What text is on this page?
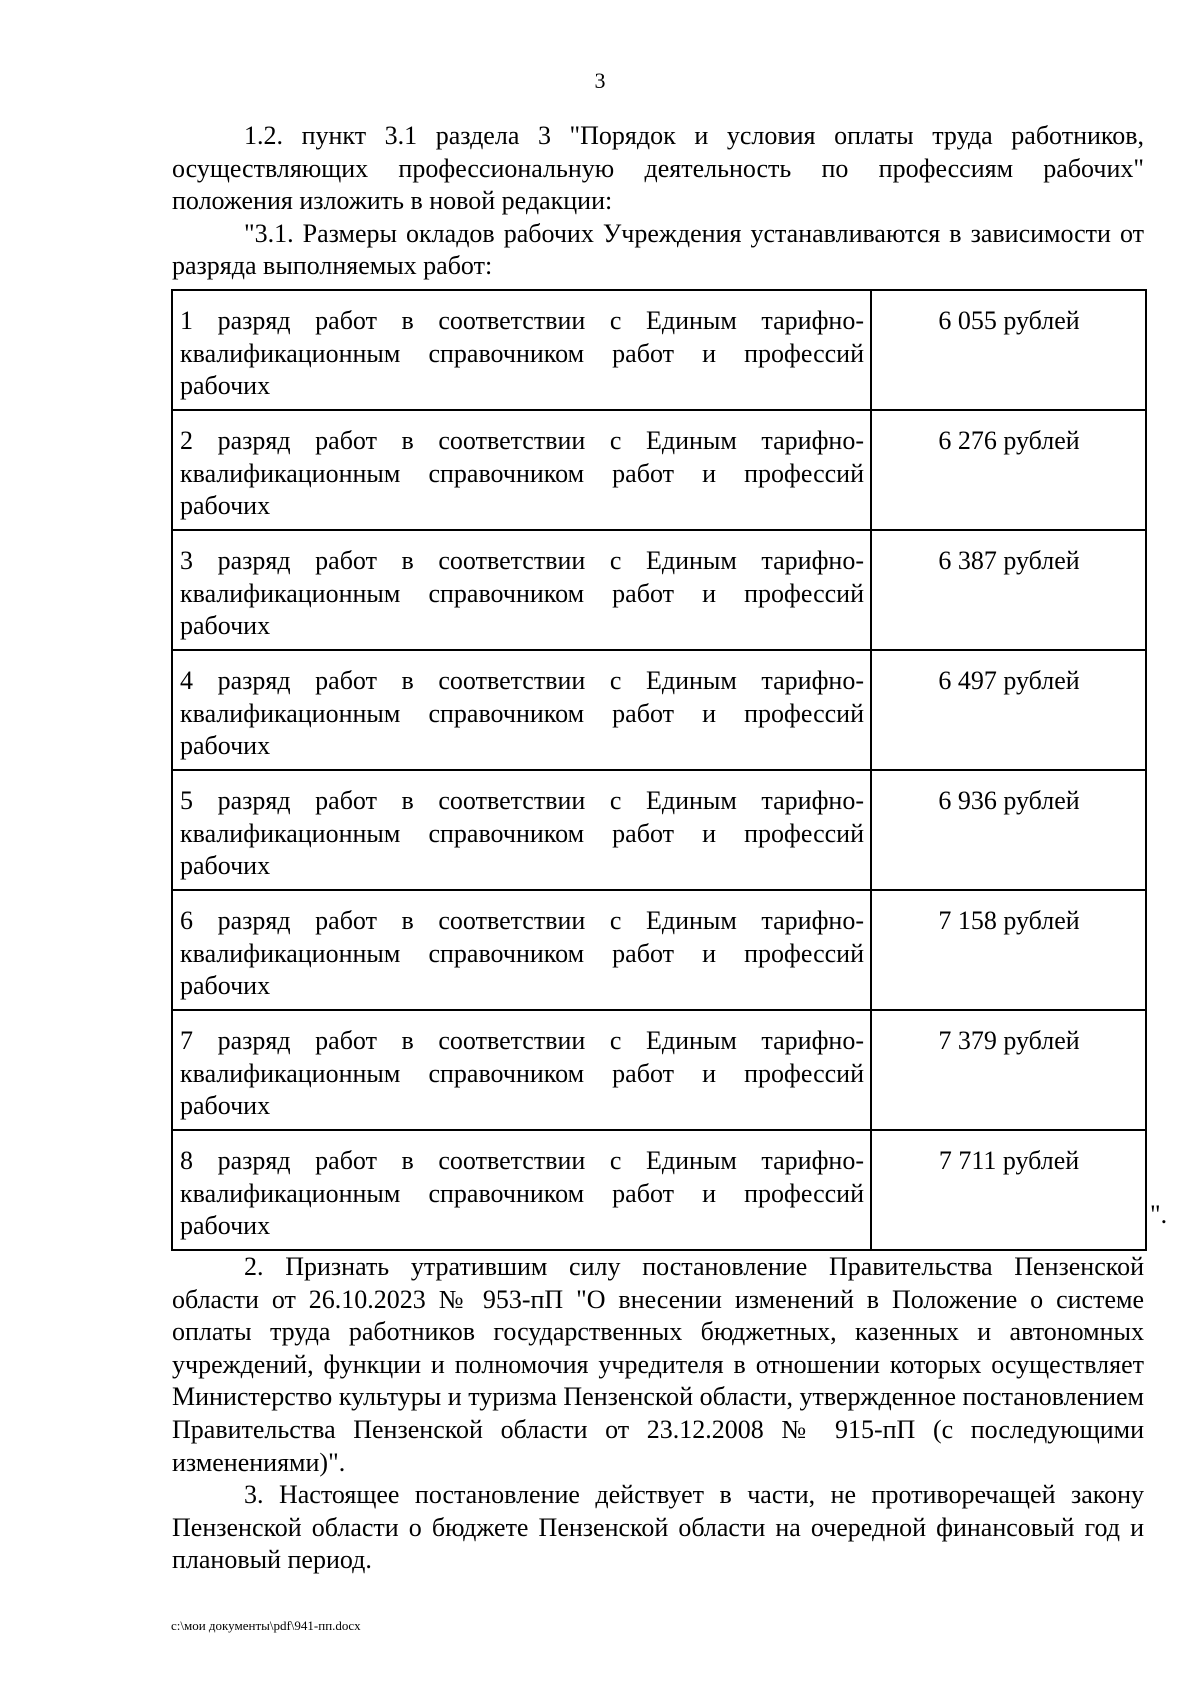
3

1.2. пункт 3.1 раздела 3 "Порядок и условия оплаты труда работников, осуществляющих профессиональную деятельность по профессиям рабочих" положения изложить в новой редакции:

"3.1. Размеры окладов рабочих Учреждения устанавливаются в зависимости от разряда выполняемых работ:

1 разряд работ в соответствии с Единым тарифно-квалификационным справочником работ и профессий рабочих	6 055 рублей
2 разряд работ в соответствии с Единым тарифно-квалификационным справочником работ и профессий рабочих	6 276 рублей
3 разряд работ в соответствии с Единым тарифно-квалификационным справочником работ и профессий рабочих	6 387 рублей
4 разряд работ в соответствии с Единым тарифно-квалификационным справочником работ и профессий рабочих	6 497 рублей
5 разряд работ в соответствии с Единым тарифно-квалификационным справочником работ и профессий рабочих	6 936 рублей
6 разряд работ в соответствии с Единым тарифно-квалификационным справочником работ и профессий рабочих	7 158 рублей
7 разряд работ в соответствии с Единым тарифно-квалификационным справочником работ и профессий рабочих	7 379 рублей
8 разряд работ в соответствии с Единым тарифно-квалификационным справочником работ и профессий рабочих	7 711 рублей

2. Признать утратившим силу постановление Правительства Пензенской области от 26.10.2023 № 953-пП "О внесении изменений в Положение о системе оплаты труда работников государственных бюджетных, казенных и автономных учреждений, функции и полномочия учредителя в отношении которых осуществляет Министерство культуры и туризма Пензенской области, утвержденное постановлением Правительства Пензенской области от 23.12.2008 № 915-пП (с последующими изменениями)".

3. Настоящее постановление действует в части, не противоречащей закону Пензенской области о бюджете Пензенской области на очередной финансовый год и плановый период.

".
c:\мои документы\pdf\941-пп.docx
